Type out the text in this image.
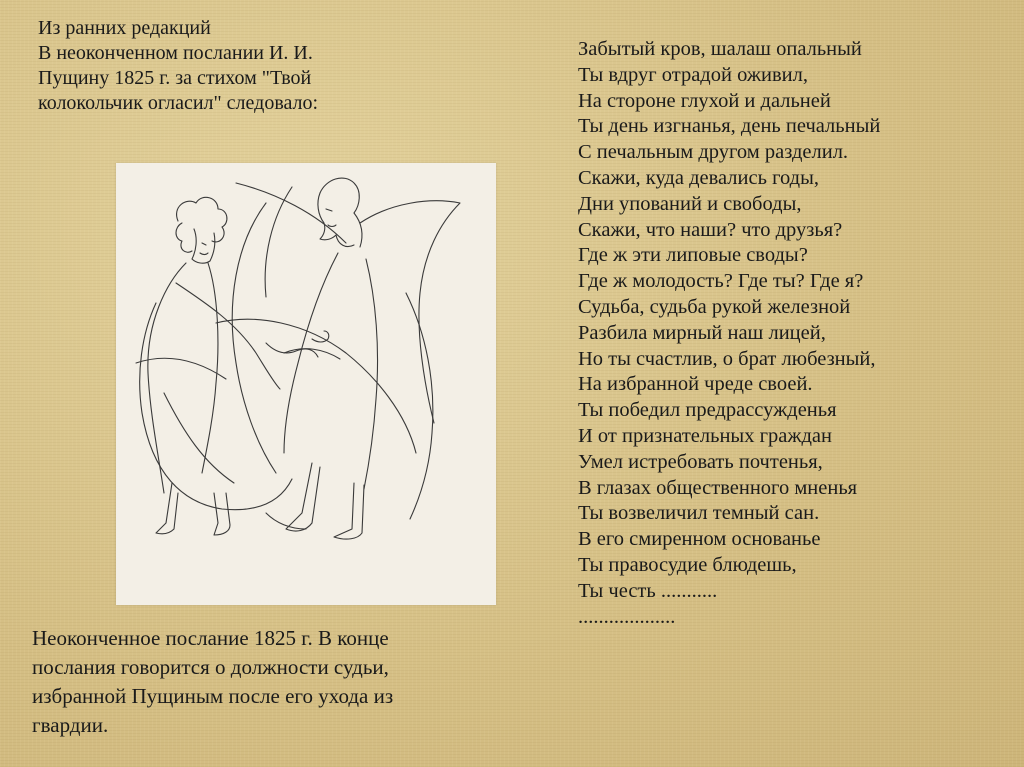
Из ранних редакций
В неоконченном послании И. И.
Пущину 1825 г. за стихом "Твой
колокольчик огласил" следовало:
Неоконченное послание 1825 г. В конце
послания говорится о должности судьи,
избранной Пущиным после его ухода из
гвардии.
Забытый кров, шалаш опальный
Ты вдруг отрадой оживил,
На стороне глухой и дальней
Ты день изгнанья, день печальный
С печальным другом разделил.
Скажи, куда девались годы,
Дни упований и свободы,
Скажи, что наши? что друзья?
Где ж эти липовые своды?
Где ж молодость? Где ты? Где я?
Судьба, судьба рукой железной
Разбила мирный наш лицей,
Но ты счастлив, о брат любезный,
На избранной чреде своей.
Ты победил предрассужденья
И от признательных граждан
Умел истребовать почтенья,
В глазах общественного мненья
Ты возвеличил темный сан.
В его смиренном основанье
Ты правосудие блюдешь,
Ты честь ...........
...................
